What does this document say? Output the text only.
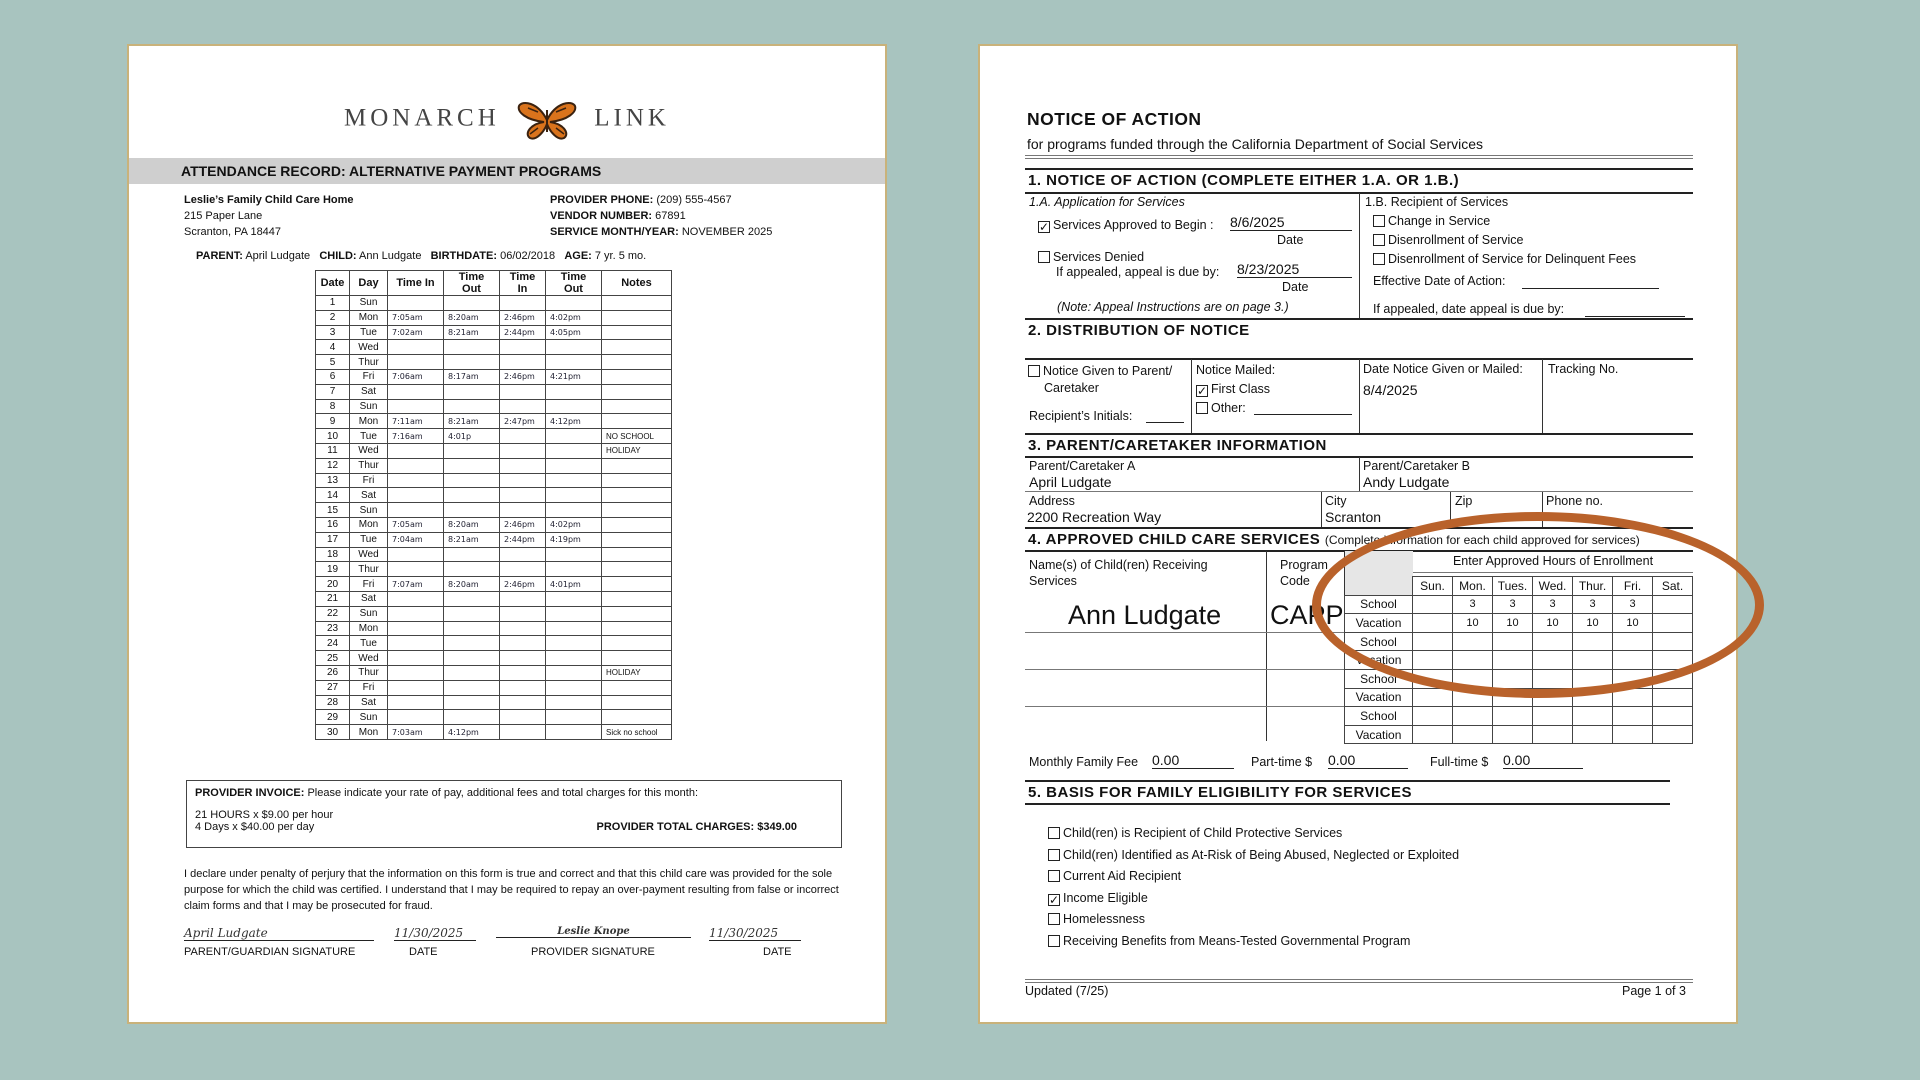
MONARCH	LINK
ATTENDANCE RECORD: ALTERNATIVE PAYMENT PROGRAMS
Leslie’s Family Child Care Home
215 Paper Lane
Scranton, PA 18447
PROVIDER PHONE: (209) 555-4567
VENDOR NUMBER: 67891
SERVICE MONTH/YEAR: NOVEMBER 2025
PARENT: April Ludgate CHILD: Ann Ludgate BIRTHDATE: 06/02/2018 AGE: 7 yr. 5 mo.
Date	Day	Time In	Time Out	Time In	Time Out	Notes
1	Sun					
2	Mon	7:05am	8:20am	2:46pm	4:02pm	
3	Tue	7:02am	8:21am	2:44pm	4:05pm	
4	Wed					
5	Thur					
6	Fri	7:06am	8:17am	2:46pm	4:21pm	
7	Sat					
8	Sun					
9	Mon	7:11am	8:21am	2:47pm	4:12pm	
10	Tue	7:16am	4:01p			NO SCHOOL
11	Wed					HOLIDAY
12	Thur					
13	Fri					
14	Sat					
15	Sun					
16	Mon	7:05am	8:20am	2:46pm	4:02pm	
17	Tue	7:04am	8:21am	2:44pm	4:19pm	
18	Wed					
19	Thur					
20	Fri	7:07am	8:20am	2:46pm	4:01pm	
21	Sat					
22	Sun					
23	Mon					
24	Tue					
25	Wed					
26	Thur					HOLIDAY
27	Fri					
28	Sat					
29	Sun					
30	Mon	7:03am	4:12pm			Sick no school
PROVIDER INVOICE: Please indicate your rate of pay, additional fees and total charges for this month:
21 HOURS x $9.00 per hour
4 Days x $40.00 per day	PROVIDER TOTAL CHARGES: $349.00
I declare under penalty of perjury that the information on this form is true and correct and that this child care was provided for the sole purpose for which the child was certified. I understand that I may be required to repay an over-payment resulting from false or incorrect claim forms and that I may be prosecuted for fraud.
April Ludgate	11/30/2025	Leslie Knope	11/30/2025
PARENT/GUARDIAN SIGNATURE	DATE	PROVIDER SIGNATURE	DATE
NOTICE OF ACTION
for programs funded through the California Department of Social Services
1. NOTICE OF ACTION (COMPLETE EITHER 1.A. OR 1.B.)
1.A. Application for Services
✓ Services Approved to Begin : 8/6/2025
Date
Services Denied
If appealed, appeal is due by: 8/23/2025
Date
(Note: Appeal Instructions are on page 3.)
1.B. Recipient of Services
Change in Service
Disenrollment of Service
Disenrollment of Service for Delinquent Fees
Effective Date of Action:
If appealed, date appeal is due by:
2. DISTRIBUTION OF NOTICE
Notice Given to Parent/
Caretaker
Recipient’s Initials:
Notice Mailed:
✓ First Class
Other:
Date Notice Given or Mailed:
8/4/2025
Tracking No.
3. PARENT/CARETAKER INFORMATION
Parent/Caretaker A
April Ludgate
Parent/Caretaker B
Andy Ludgate
Address
2200 Recreation Way
City
Scranton
Zip	Phone no.
4. APPROVED CHILD CARE SERVICES (Complete information for each child approved for services)
Name(s) of Child(ren) Receiving Services
Program Code
Enter Approved Hours of Enrollment
Ann Ludgate CAPP
	Sun.	Mon.	Tues.	Wed.	Thur.	Fri.	Sat.
School		3	3	3	3	3	
Vacation		10	10	10	10	10	
School							
Vacation							
School							
Vacation							
School							
Vacation							
Monthly Family Fee 0.00	Part-time $ 0.00	Full-time $ 0.00
5. BASIS FOR FAMILY ELIGIBILITY FOR SERVICES
Child(ren) is Recipient of Child Protective Services
Child(ren) Identified as At-Risk of Being Abused, Neglected or Exploited
Current Aid Recipient
✓ Income Eligible
Homelessness
Receiving Benefits from Means-Tested Governmental Program
Updated (7/25)	Page 1 of 3
